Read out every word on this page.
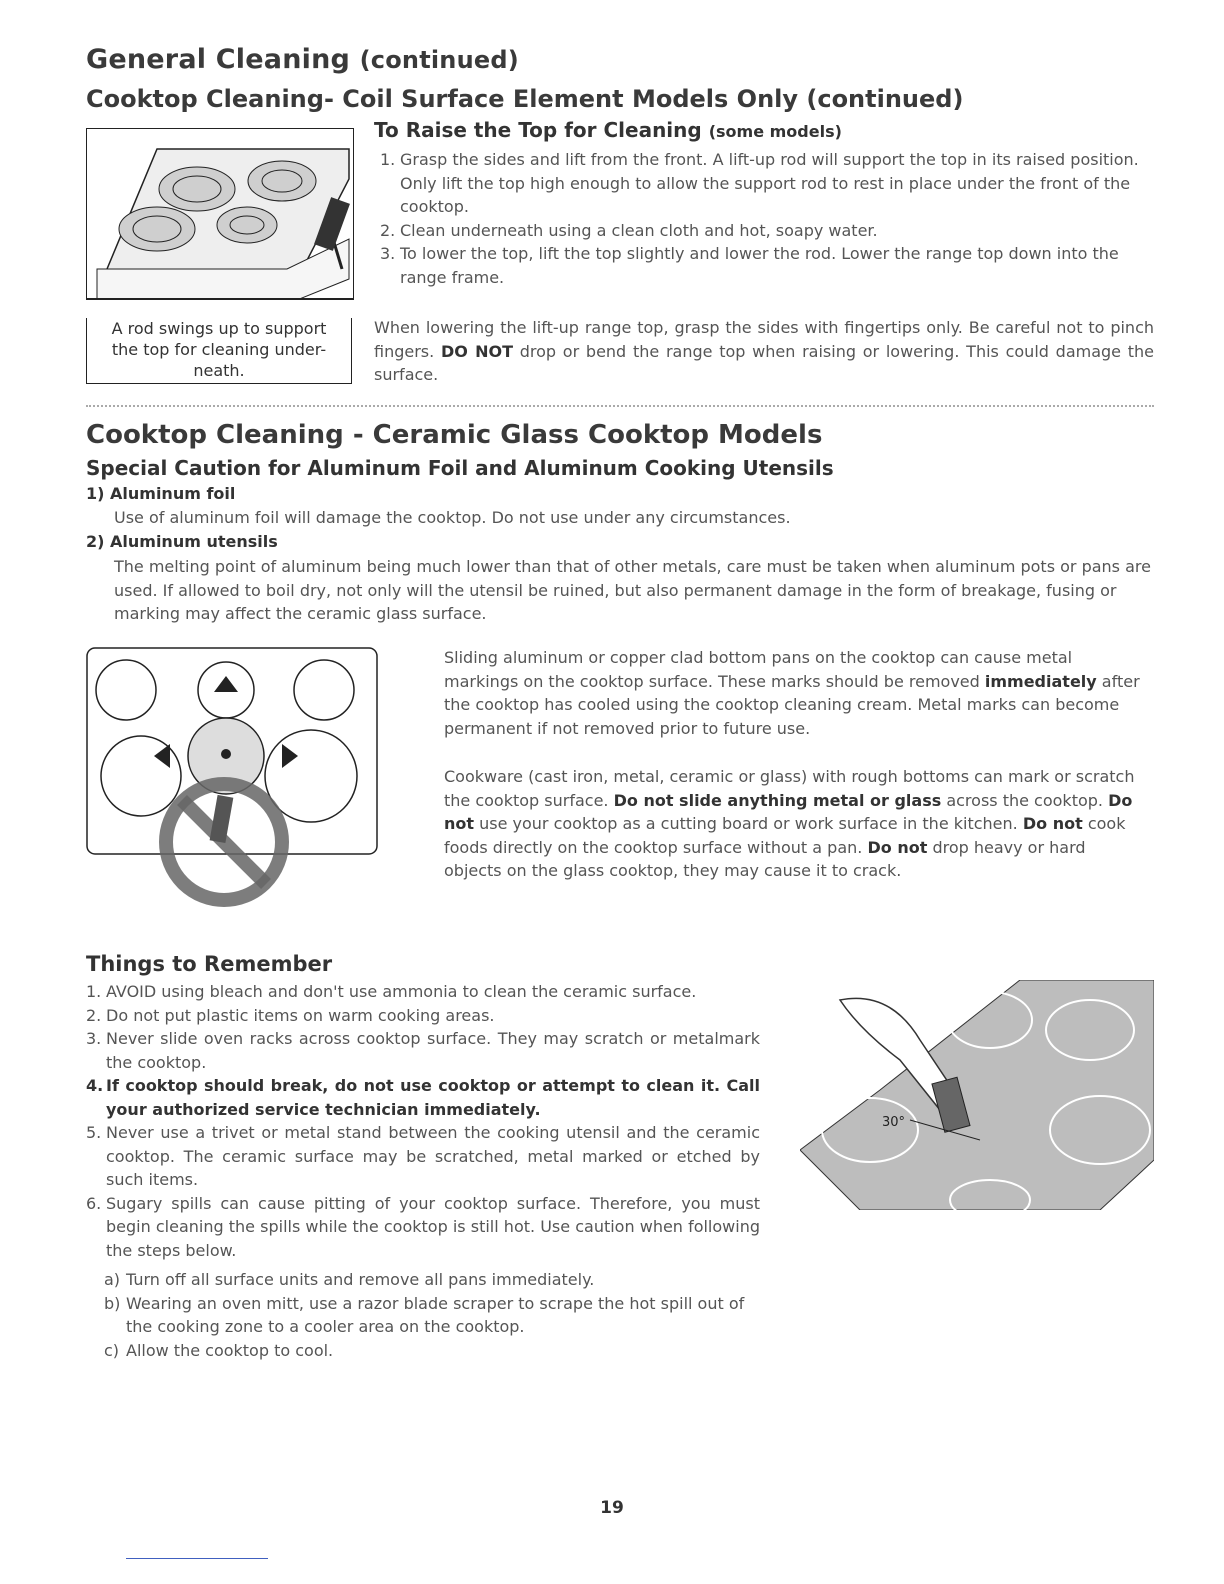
General Cleaning (continued)
Cooktop Cleaning- Coil Surface Element Models Only (continued)
A rod swings up to support the top for cleaning under-neath.
To Raise the Top for Cleaning (some models)
1. Grasp the sides and lift from the front. A lift-up rod will support the top in its raised position. Only lift the top high enough to allow the support rod to rest in place under the front of the cooktop.
2. Clean underneath using a clean cloth and hot, soapy water.
3. To lower the top, lift the top slightly and lower the rod. Lower the range top down into the range frame.

When lowering the lift-up range top, grasp the sides with fingertips only. Be careful not to pinch fingers. DO NOT drop or bend the range top when raising or lowering. This could damage the surface.

Cooktop Cleaning - Ceramic Glass Cooktop Models
Special Caution for Aluminum Foil and Aluminum Cooking Utensils
1) Aluminum foil

Use of aluminum foil will damage the cooktop. Do not use under any circumstances.

2) Aluminum utensils

The melting point of aluminum being much lower than that of other metals, care must be taken when aluminum pots or pans are used. If allowed to boil dry, not only will the utensil be ruined, but also permanent damage in the form of breakage, fusing or marking may affect the ceramic glass surface.

Sliding aluminum or copper clad bottom pans on the cooktop can cause metal markings on the cooktop surface. These marks should be removed immediately after the cooktop has cooled using the cooktop cleaning cream. Metal marks can become permanent if not removed prior to future use.

Cookware (cast iron, metal, ceramic or glass) with rough bottoms can mark or scratch the cooktop surface. Do not slide anything metal or glass across the cooktop. Do not use your cooktop as a cutting board or work surface in the kitchen. Do not cook foods directly on the cooktop surface without a pan. Do not drop heavy or hard objects on the glass cooktop, they may cause it to crack.

Things to Remember
1. AVOID using bleach and don't use ammonia to clean the ceramic surface.
2. Do not put plastic items on warm cooking areas.
3. Never slide oven racks across cooktop surface. They may scratch or metalmark the cooktop.
4. If cooktop should break, do not use cooktop or attempt to clean it. Call your authorized service technician immediately.
5. Never use a trivet or metal stand between the cooking utensil and the ceramic cooktop. The ceramic surface may be scratched, metal marked or etched by such items.
6. Sugary spills can cause pitting of your cooktop surface. Therefore, you must begin cleaning the spills while the cooktop is still hot. Use caution when following the steps below.
a) Turn off all surface units and remove all pans immediately.
b) Wearing an oven mitt, use a razor blade scraper to scrape the hot spill out of the cooking zone to a cooler area on the cooktop.
c) Allow the cooktop to cool.
30°
19
